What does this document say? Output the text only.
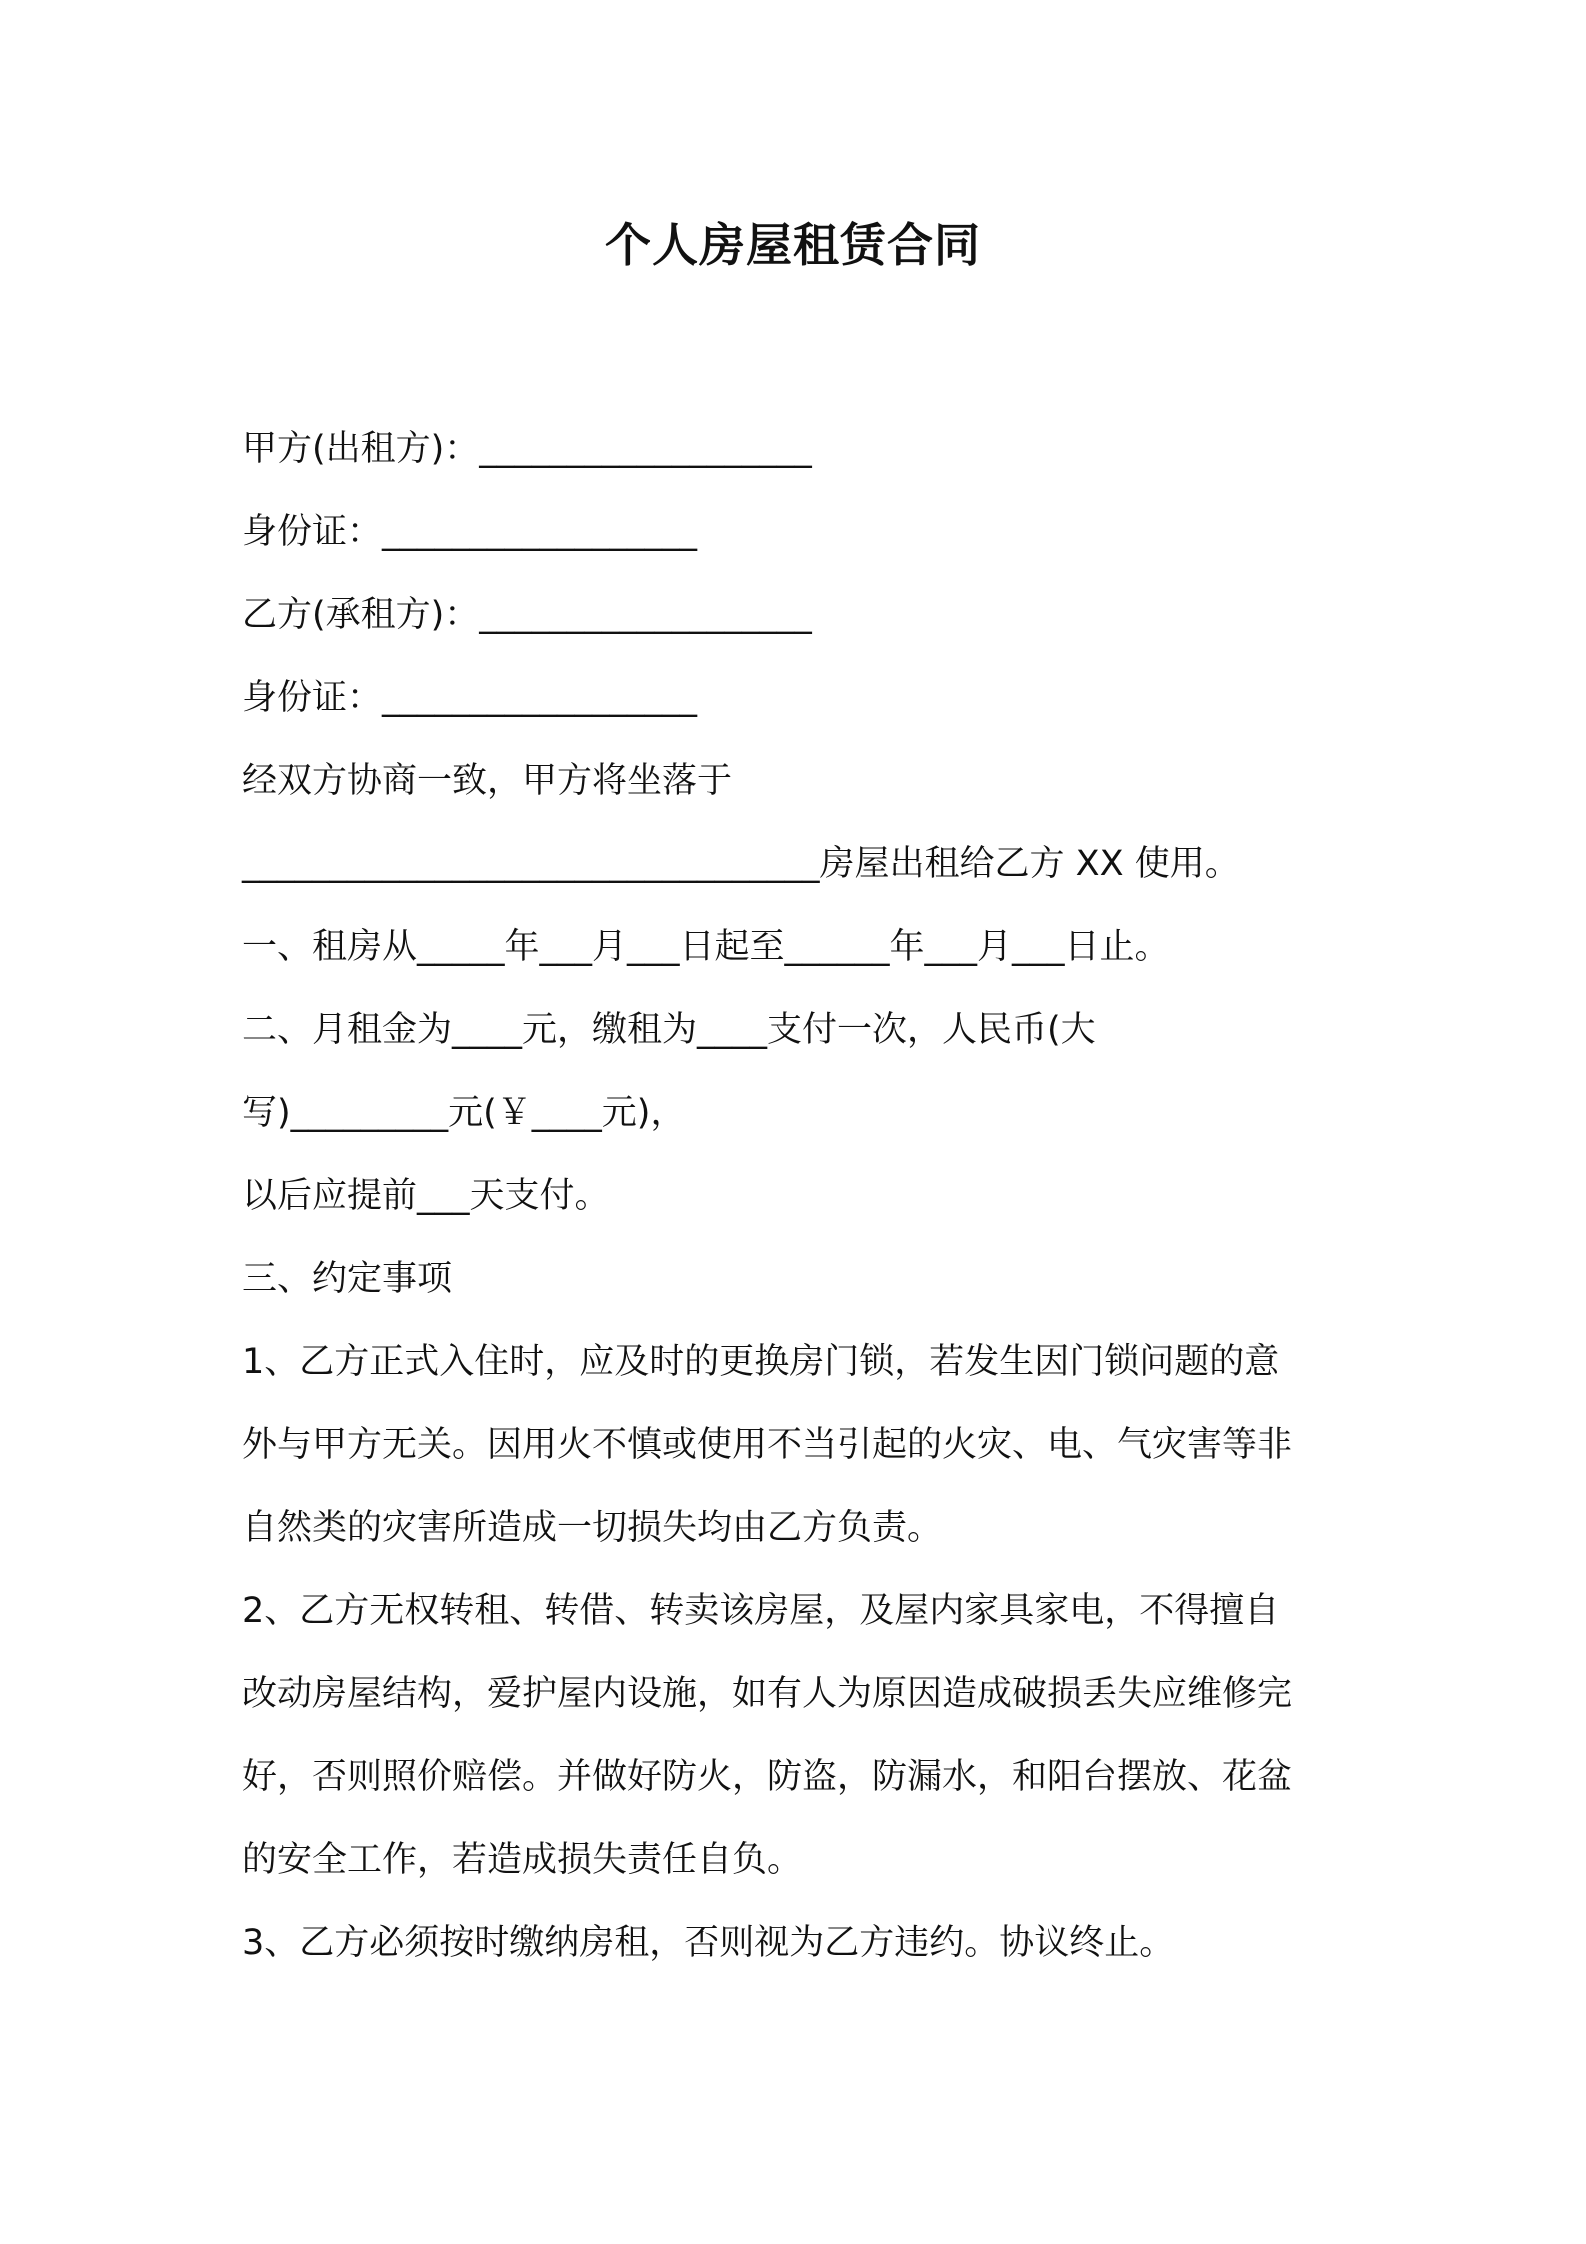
个人房屋租赁合同
甲方(出租方)：___________________
身份证：__________________
乙方(承租方)：___________________
身份证：__________________
经双方协商一致，甲方将坐落于
_________________________________房屋出租给乙方 XX 使用。
一、租房从_____年___月___日起至______年___月___日止。
二、月租金为____元，缴租为____支付一次，人民币(大
写)_________元(￥____元)，
以后应提前___天支付。
三、约定事项
1、乙方正式入住时，应及时的更换房门锁，若发生因门锁问题的意
外与甲方无关。因用火不慎或使用不当引起的火灾、电、气灾害等非
自然类的灾害所造成一切损失均由乙方负责。
2、乙方无权转租、转借、转卖该房屋，及屋内家具家电，不得擅自
改动房屋结构，爱护屋内设施，如有人为原因造成破损丢失应维修完
好，否则照价赔偿。并做好防火，防盗，防漏水，和阳台摆放、花盆
的安全工作，若造成损失责任自负。
3、乙方必须按时缴纳房租，否则视为乙方违约。协议终止。
